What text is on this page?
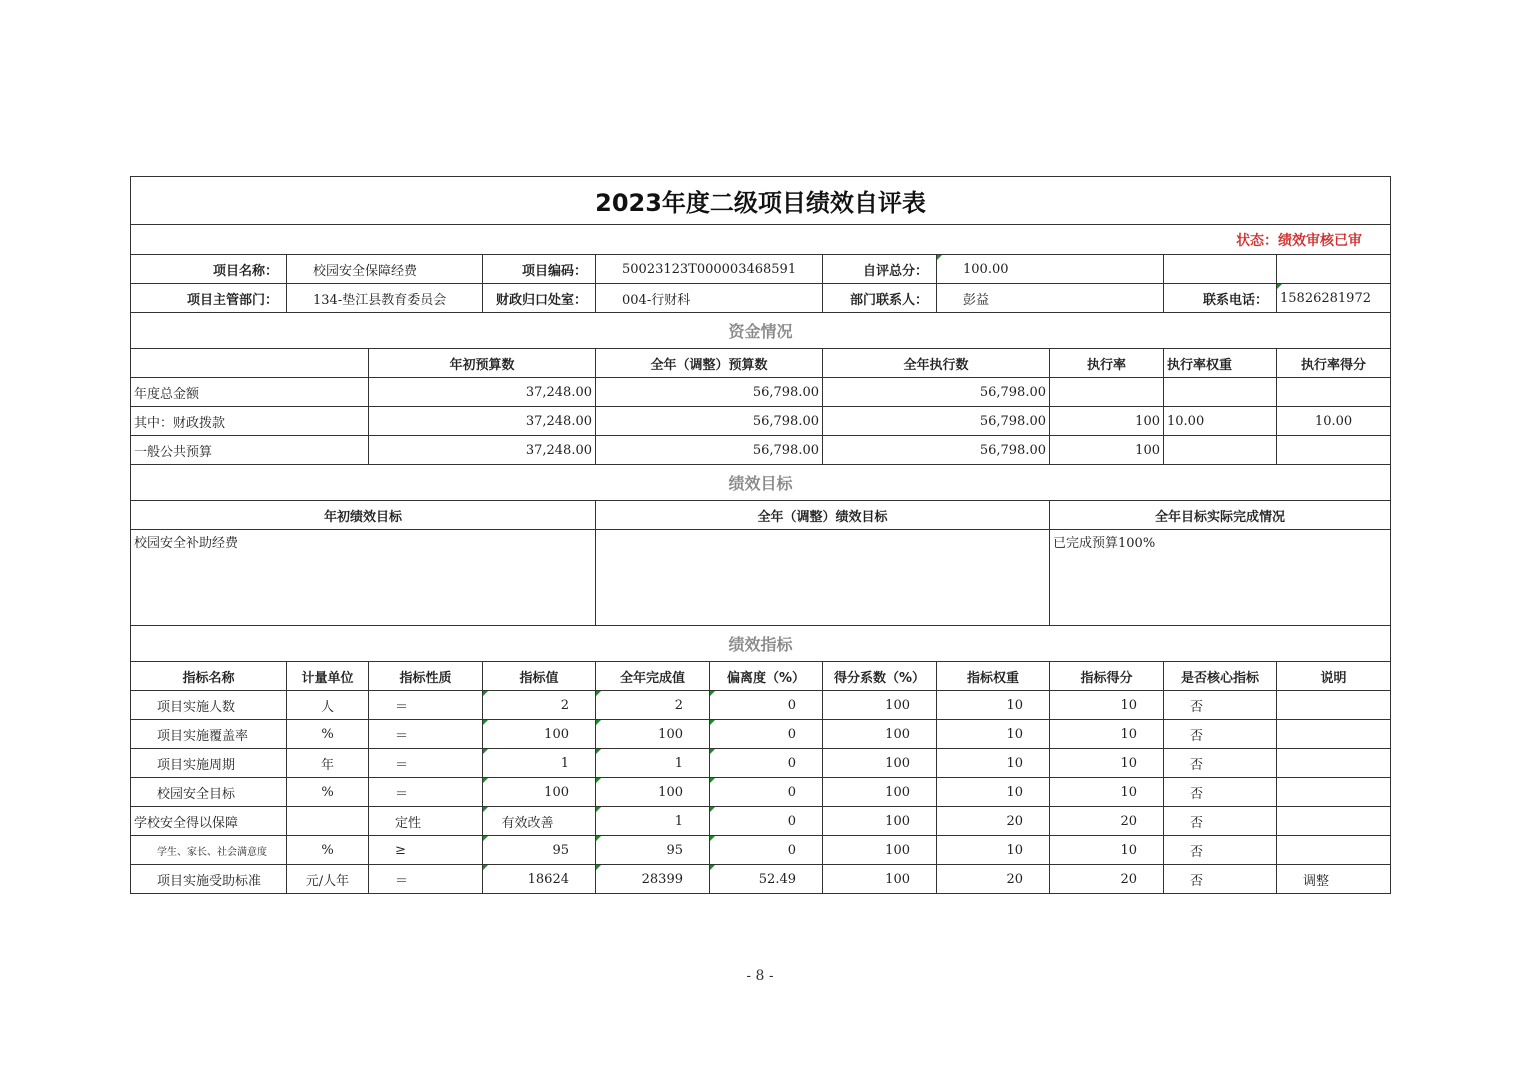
2023年度二级项目绩效自评表										
状态：绩效审核已审										
项目名称：	校园安全保障经费		项目编码：	50023123T000003468591		自评总分：	100.00			
项目主管部门：	134-垫江县教育委员会		财政归口处室：	004-行财科		部门联系人：	彭益		联系电话：	15826281972
资金情况										
		年初预算数		全年（调整）预算数		全年执行数		执行率	执行率权重	执行率得分
年度总金额		37,248.00		56,798.00		56,798.00				
其中：财政拨款		37,248.00		56,798.00		56,798.00		100	10.00	10.00
一般公共预算		37,248.00		56,798.00		56,798.00		100		
绩效目标										
年初绩效目标				全年（调整）绩效目标				全年目标实际完成情况		
校园安全补助经费								已完成预算100%		
绩效指标										
指标名称	计量单位	指标性质	指标值	全年完成值	偏离度（%）	得分系数（%）	指标权重	指标得分	是否核心指标	说明
项目实施人数	人	＝	2	2	0	100	10	10	否	
项目实施覆盖率	%	＝	100	100	0	100	10	10	否	
项目实施周期	年	＝	1	1	0	100	10	10	否	
校园安全目标	%	＝	100	100	0	100	10	10	否	
学校安全得以保障		定性	有效改善	1	0	100	20	20	否	
学生、家长、社会满意度	%	≥	95	95	0	100	10	10	否	
项目实施受助标准	元/人年	＝	18624	28399	52.49	100	20	20	否	调整
- 8 -
